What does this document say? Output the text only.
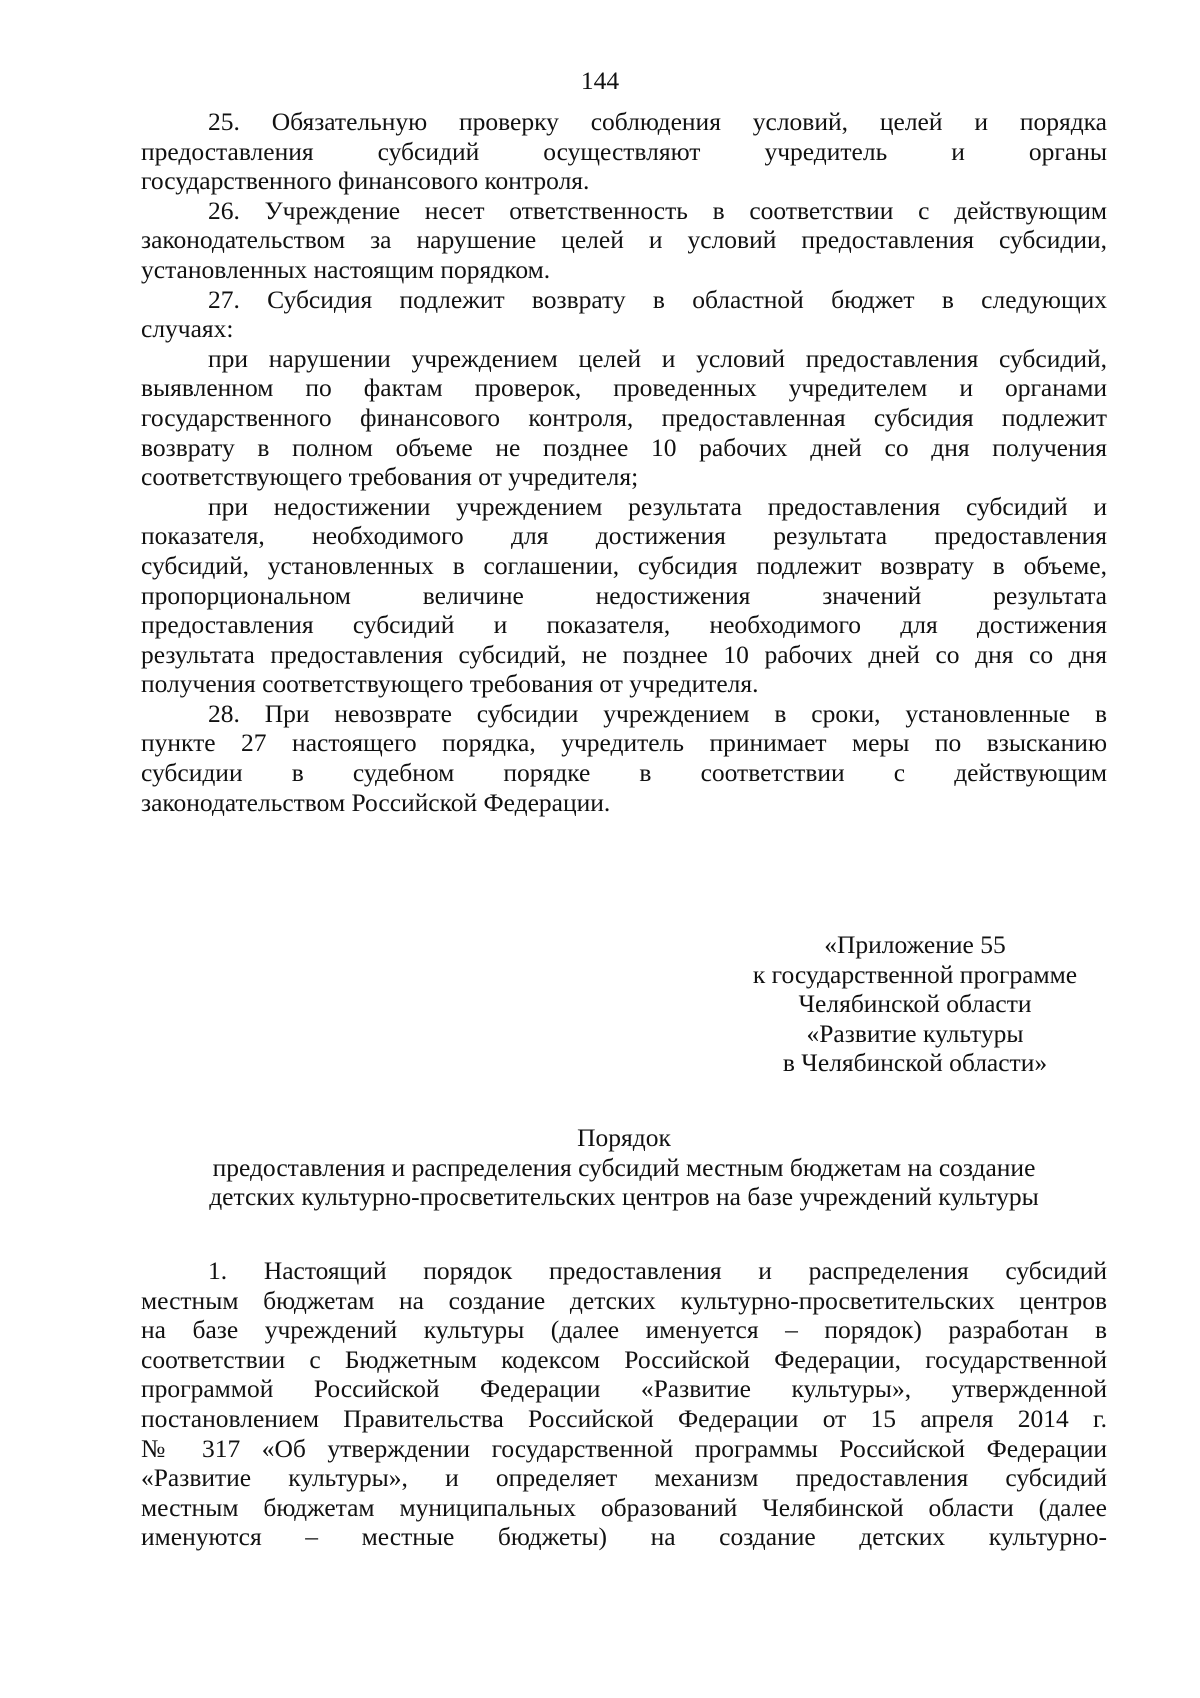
144
25. Обязательную проверку соблюдения условий, целей и порядка
предоставления субсидий осуществляют учредитель и органы
государственного финансового контроля.
26. Учреждение несет ответственность в соответствии с действующим
законодательством за нарушение целей и условий предоставления субсидии,
установленных настоящим порядком.
27. Субсидия подлежит возврату в областной бюджет в следующих
случаях:
при нарушении учреждением целей и условий предоставления субсидий,
выявленном по фактам проверок, проведенных учредителем и органами
государственного финансового контроля, предоставленная субсидия подлежит
возврату в полном объеме не позднее 10 рабочих дней со дня получения
соответствующего требования от учредителя;
при недостижении учреждением результата предоставления субсидий и
показателя, необходимого для достижения результата предоставления
субсидий, установленных в соглашении, субсидия подлежит возврату в объеме,
пропорциональном величине недостижения значений результата
предоставления субсидий и показателя, необходимого для достижения
результата предоставления субсидий, не позднее 10 рабочих дней со дня со дня
получения соответствующего требования от учредителя.
28. При невозврате субсидии учреждением в сроки, установленные в
пункте 27 настоящего порядка, учредитель принимает меры по взысканию
субсидии в судебном порядке в соответствии с действующим
законодательством Российской Федерации.
«Приложение 55
к государственной программе
Челябинской области
«Развитие культуры
в Челябинской области»
Порядок
предоставления и распределения субсидий местным бюджетам на создание
детских культурно-просветительских центров на базе учреждений культуры
1. Настоящий порядок предоставления и распределения субсидий
местным бюджетам на создание детских культурно-просветительских центров
на базе учреждений культуры (далее именуется – порядок) разработан в
соответствии с Бюджетным кодексом Российской Федерации, государственной
программой Российской Федерации «Развитие культуры», утвержденной
постановлением Правительства Российской Федерации от 15 апреля 2014 г.
№ 317 «Об утверждении государственной программы Российской Федерации
«Развитие культуры», и определяет механизм предоставления субсидий
местным бюджетам муниципальных образований Челябинской области (далее
именуются – местные бюджеты) на создание детских культурно-
